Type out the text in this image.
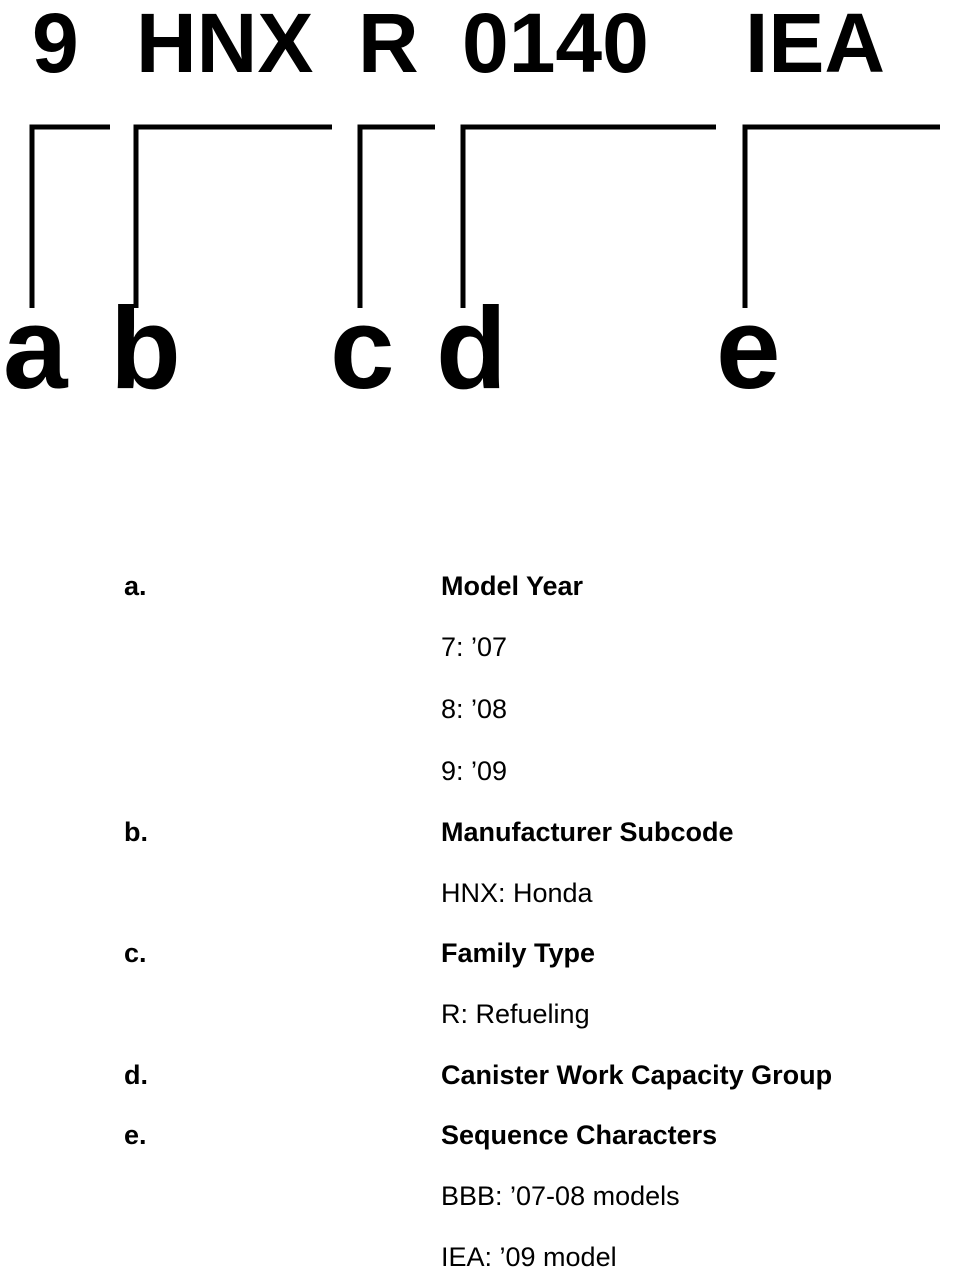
9 HNX R 0140 IEA
a b c d e
a.	Model Year
7: ’07
8: ’08
9: ’09
b.	Manufacturer Subcode
HNX: Honda
c.	Family Type
R: Refueling
d.	Canister Work Capacity Group
e.	Sequence Characters
BBB: ’07-08 models
IEA: ’09 model
